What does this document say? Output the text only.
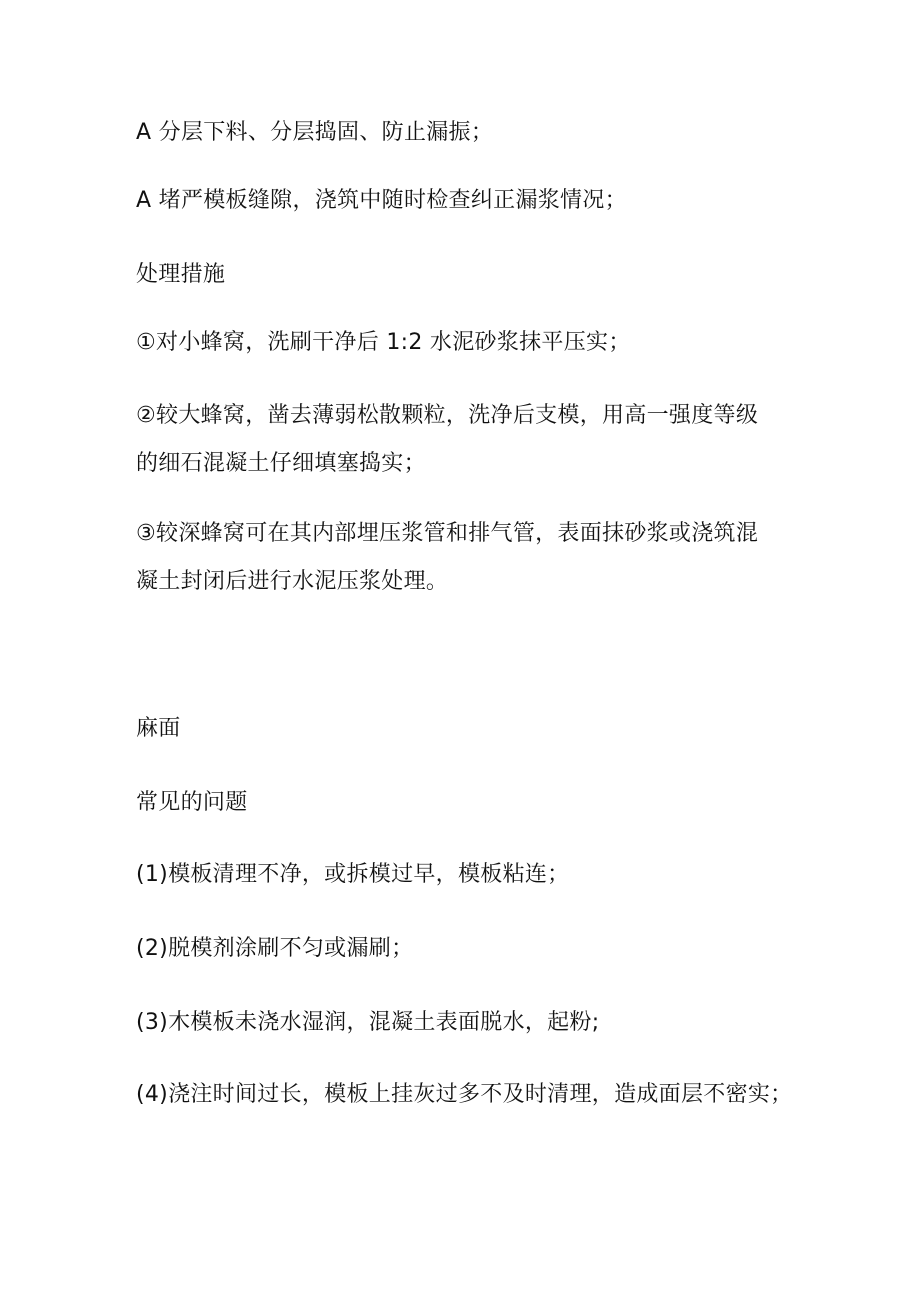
A 分层下料、分层捣固、防止漏振；
A 堵严模板缝隙，浇筑中随时检查纠正漏浆情况；
处理措施
①对小蜂窝，洗刷干净后 1:2 水泥砂浆抹平压实；
②较大蜂窝，凿去薄弱松散颗粒，洗净后支模，用高一强度等级的细石混凝土仔细填塞捣实；
③较深蜂窝可在其内部埋压浆管和排气管，表面抹砂浆或浇筑混凝土封闭后进行水泥压浆处理。
麻面
常见的问题
(1)模板清理不净，或拆模过早，模板粘连；
(2)脱模剂涂刷不匀或漏刷；
(3)木模板未浇水湿润，混凝土表面脱水，起粉;
(4)浇注时间过长，模板上挂灰过多不及时清理，造成面层不密实；
